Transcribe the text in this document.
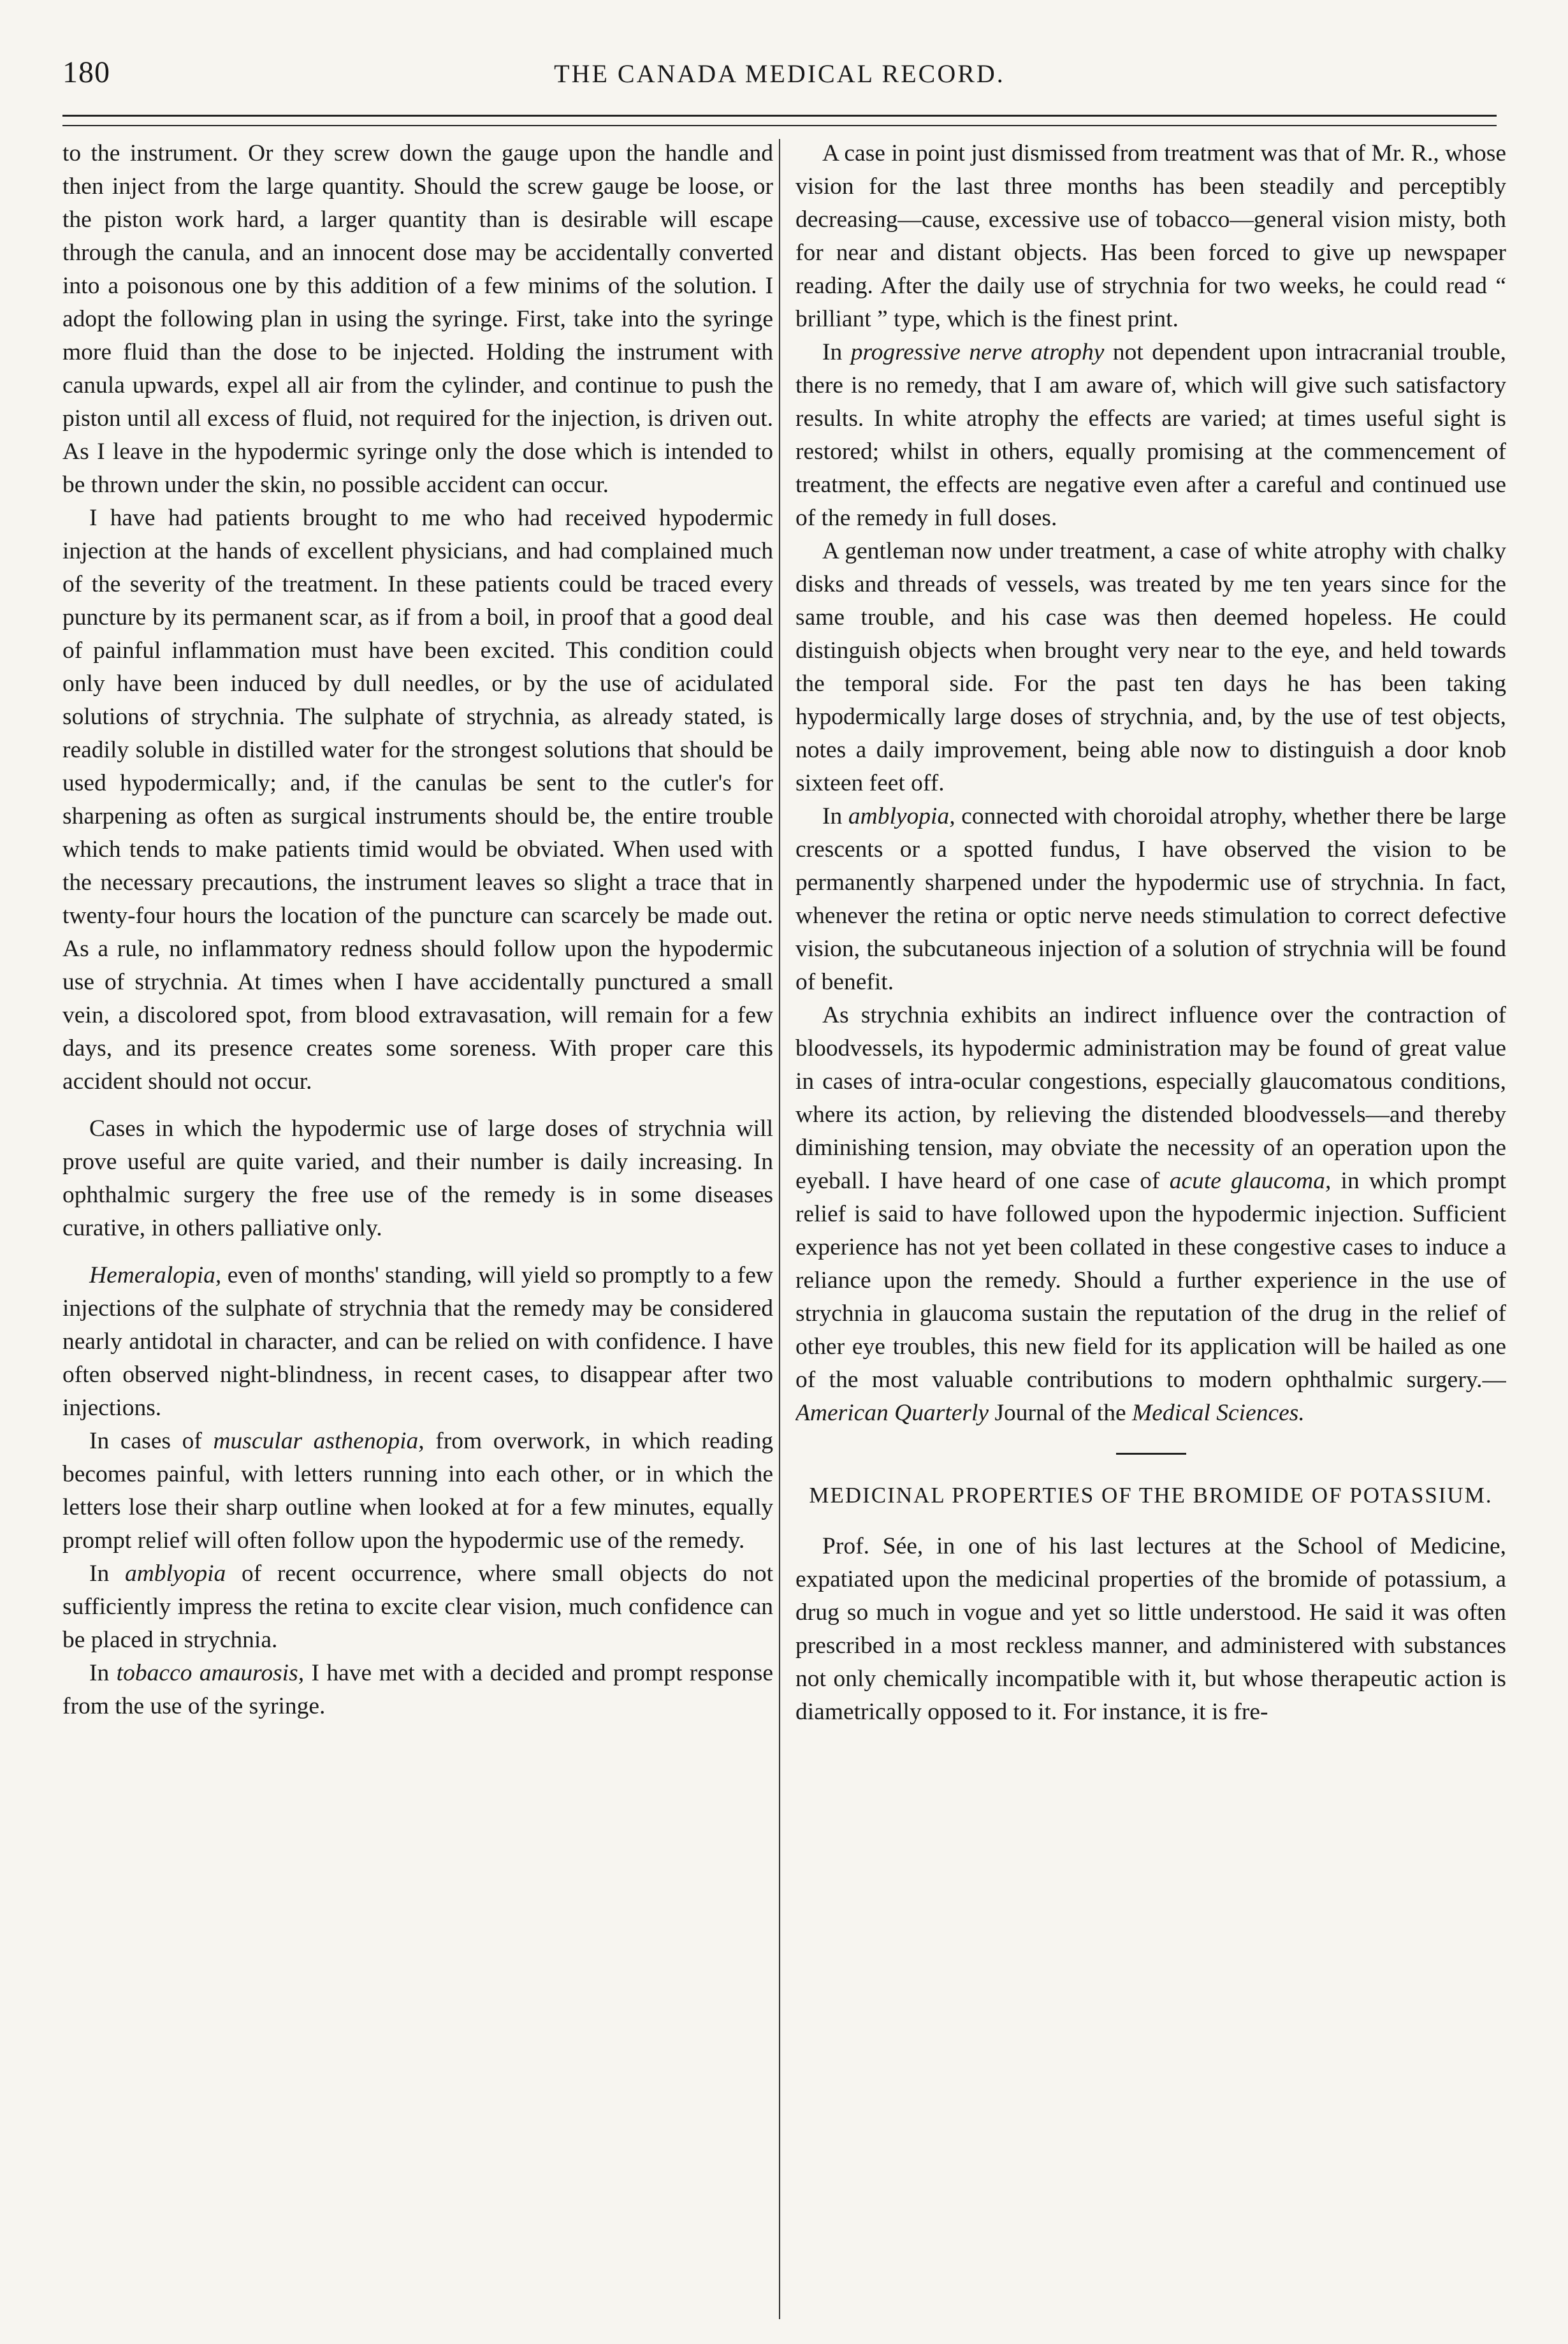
180	THE CANADA MEDICAL RECORD.

to the instrument. Or they screw down the gauge upon the handle and then inject from the large quantity. Should the screw gauge be loose, or the piston work hard, a larger quantity than is desirable will escape through the canula, and an innocent dose may be accidentally converted into a poisonous one by this addition of a few minims of the solution. I adopt the following plan in using the syringe. First, take into the syringe more fluid than the dose to be injected. Holding the instrument with canula upwards, expel all air from the cylinder, and continue to push the piston until all excess of fluid, not required for the injection, is driven out. As I leave in the hypodermic syringe only the dose which is intended to be thrown under the skin, no possible accident can occur.

I have had patients brought to me who had received hypodermic injection at the hands of excellent physicians, and had complained much of the severity of the treatment. In these patients could be traced every puncture by its permanent scar, as if from a boil, in proof that a good deal of painful inflammation must have been excited. This condition could only have been induced by dull needles, or by the use of acidulated solutions of strychnia. The sulphate of strychnia, as already stated, is readily soluble in distilled water for the strongest solutions that should be used hypodermically; and, if the canulas be sent to the cutler's for sharpening as often as surgical instruments should be, the entire trouble which tends to make patients timid would be obviated. When used with the necessary precautions, the instrument leaves so slight a trace that in twenty-four hours the location of the puncture can scarcely be made out. As a rule, no inflammatory redness should follow upon the hypodermic use of strychnia. At times when I have accidentally punctured a small vein, a discolored spot, from blood extravasation, will remain for a few days, and its presence creates some soreness. With proper care this accident should not occur.

Cases in which the hypodermic use of large doses of strychnia will prove useful are quite varied, and their number is daily increasing. In ophthalmic surgery the free use of the remedy is in some diseases curative, in others palliative only.

Hemeralopia, even of months' standing, will yield so promptly to a few injections of the sulphate of strychnia that the remedy may be considered nearly antidotal in character, and can be relied on with confidence. I have often observed night-blindness, in recent cases, to disappear after two injections.

In cases of muscular asthenopia, from overwork, in which reading becomes painful, with letters running into each other, or in which the letters lose their sharp outline when looked at for a few minutes, equally prompt relief will often follow upon the hypodermic use of the remedy.

In amblyopia of recent occurrence, where small objects do not sufficiently impress the retina to excite clear vision, much confidence can be placed in strychnia.

In tobacco amaurosis, I have met with a decided and prompt response from the use of the syringe.

A case in point just dismissed from treatment was that of Mr. R., whose vision for the last three months has been steadily and perceptibly decreasing—cause, excessive use of tobacco—general vision misty, both for near and distant objects. Has been forced to give up newspaper reading. After the daily use of strychnia for two weeks, he could read “ brilliant ” type, which is the finest print.

In progressive nerve atrophy not dependent upon intracranial trouble, there is no remedy, that I am aware of, which will give such satisfactory results. In white atrophy the effects are varied; at times useful sight is restored; whilst in others, equally promising at the commencement of treatment, the effects are negative even after a careful and continued use of the remedy in full doses.

A gentleman now under treatment, a case of white atrophy with chalky disks and threads of vessels, was treated by me ten years since for the same trouble, and his case was then deemed hopeless. He could distinguish objects when brought very near to the eye, and held towards the temporal side. For the past ten days he has been taking hypodermically large doses of strychnia, and, by the use of test objects, notes a daily improvement, being able now to distinguish a door knob sixteen feet off.

In amblyopia, connected with choroidal atrophy, whether there be large crescents or a spotted fundus, I have observed the vision to be permanently sharpened under the hypodermic use of strychnia. In fact, whenever the retina or optic nerve needs stimulation to correct defective vision, the subcutaneous injection of a solution of strychnia will be found of benefit.

As strychnia exhibits an indirect influence over the contraction of bloodvessels, its hypodermic administration may be found of great value in cases of intra-ocular congestions, especially glaucomatous conditions, where its action, by relieving the distended bloodvessels—and thereby diminishing tension, may obviate the necessity of an operation upon the eyeball. I have heard of one case of acute glaucoma, in which prompt relief is said to have followed upon the hypodermic injection. Sufficient experience has not yet been collated in these congestive cases to induce a reliance upon the remedy. Should a further experience in the use of strychnia in glaucoma sustain the reputation of the drug in the relief of other eye troubles, this new field for its application will be hailed as one of the most valuable contributions to modern ophthalmic surgery.—American Quarterly Journal of the Medical Sciences.

MEDICINAL PROPERTIES OF THE BROMIDE OF POTASSIUM.

Prof. Sée, in one of his last lectures at the School of Medicine, expatiated upon the medicinal properties of the bromide of potassium, a drug so much in vogue and yet so little understood. He said it was often prescribed in a most reckless manner, and administered with substances not only chemically incompatible with it, but whose therapeutic action is diametrically opposed to it. For instance, it is fre-
